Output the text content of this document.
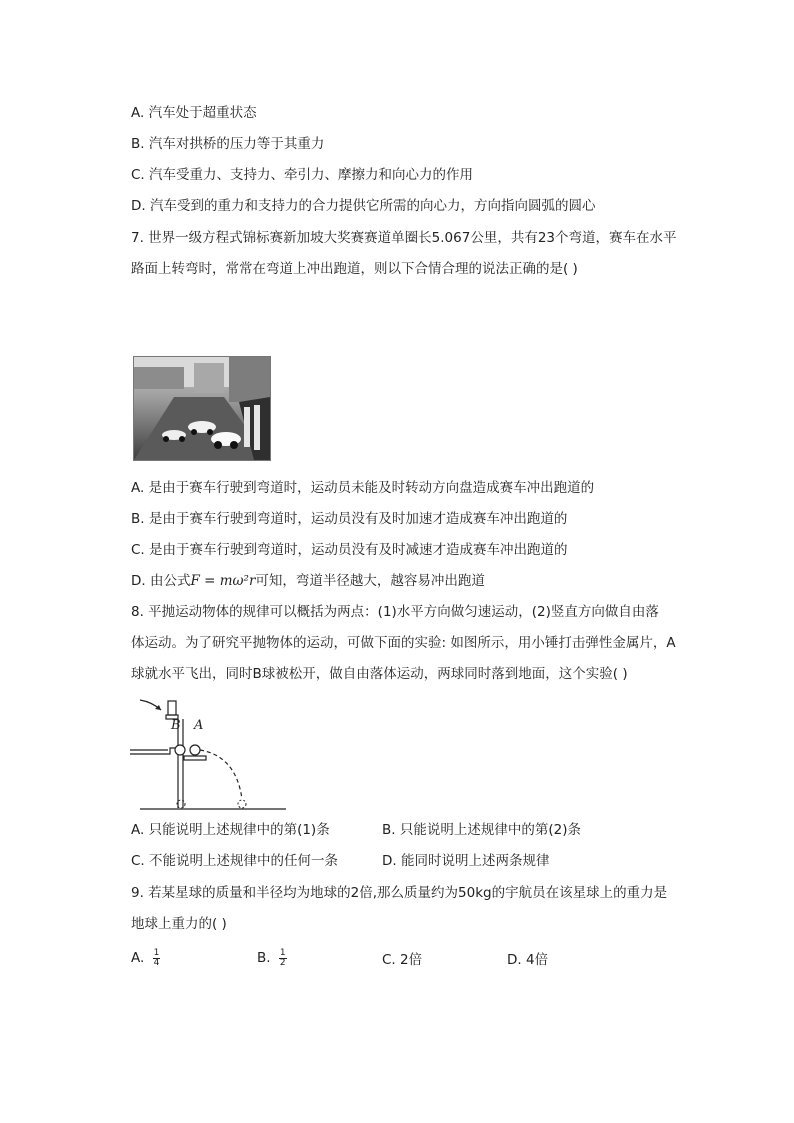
A. 汽车处于超重状态
B. 汽车对拱桥的压力等于其重力
C. 汽车受重力、支持力、牵引力、摩擦力和向心力的作用
D. 汽车受到的重力和支持力的合力提供它所需的向心力，方向指向圆弧的圆心
7. 世界一级方程式锦标赛新加坡大奖赛赛道单圈长5.067公里，共有23个弯道，赛车在水平
路面上转弯时，常常在弯道上冲出跑道，则以下合情合理的说法正确的是( )
A. 是由于赛车行驶到弯道时，运动员未能及时转动方向盘造成赛车冲出跑道的
B. 是由于赛车行驶到弯道时，运动员没有及时加速才造成赛车冲出跑道的
C. 是由于赛车行驶到弯道时，运动员没有及时减速才造成赛车冲出跑道的
D. 由公式F = mω²r可知，弯道半径越大，越容易冲出跑道
8. 平抛运动物体的规律可以概括为两点：(1)水平方向做匀速运动，(2)竖直方向做自由落
体运动。为了研究平抛物体的运动，可做下面的实验: 如图所示，用小锤打击弹性金属片，A
球就水平飞出，同时B球被松开，做自由落体运动，两球同时落到地面，这个实验( )
B A
A. 只能说明上述规律中的第(1)条	B. 只能说明上述规律中的第(2)条
C. 不能说明上述规律中的任何一条	D. 能同时说明上述两条规律
9. 若某星球的质量和半径均为地球的2倍,那么质量约为50kg的宇航员在该星球上的重力是
地球上重力的( )
A. $\frac{1}{4}$	B. $\frac{1}{2}$	C. 2倍	D. 4倍
